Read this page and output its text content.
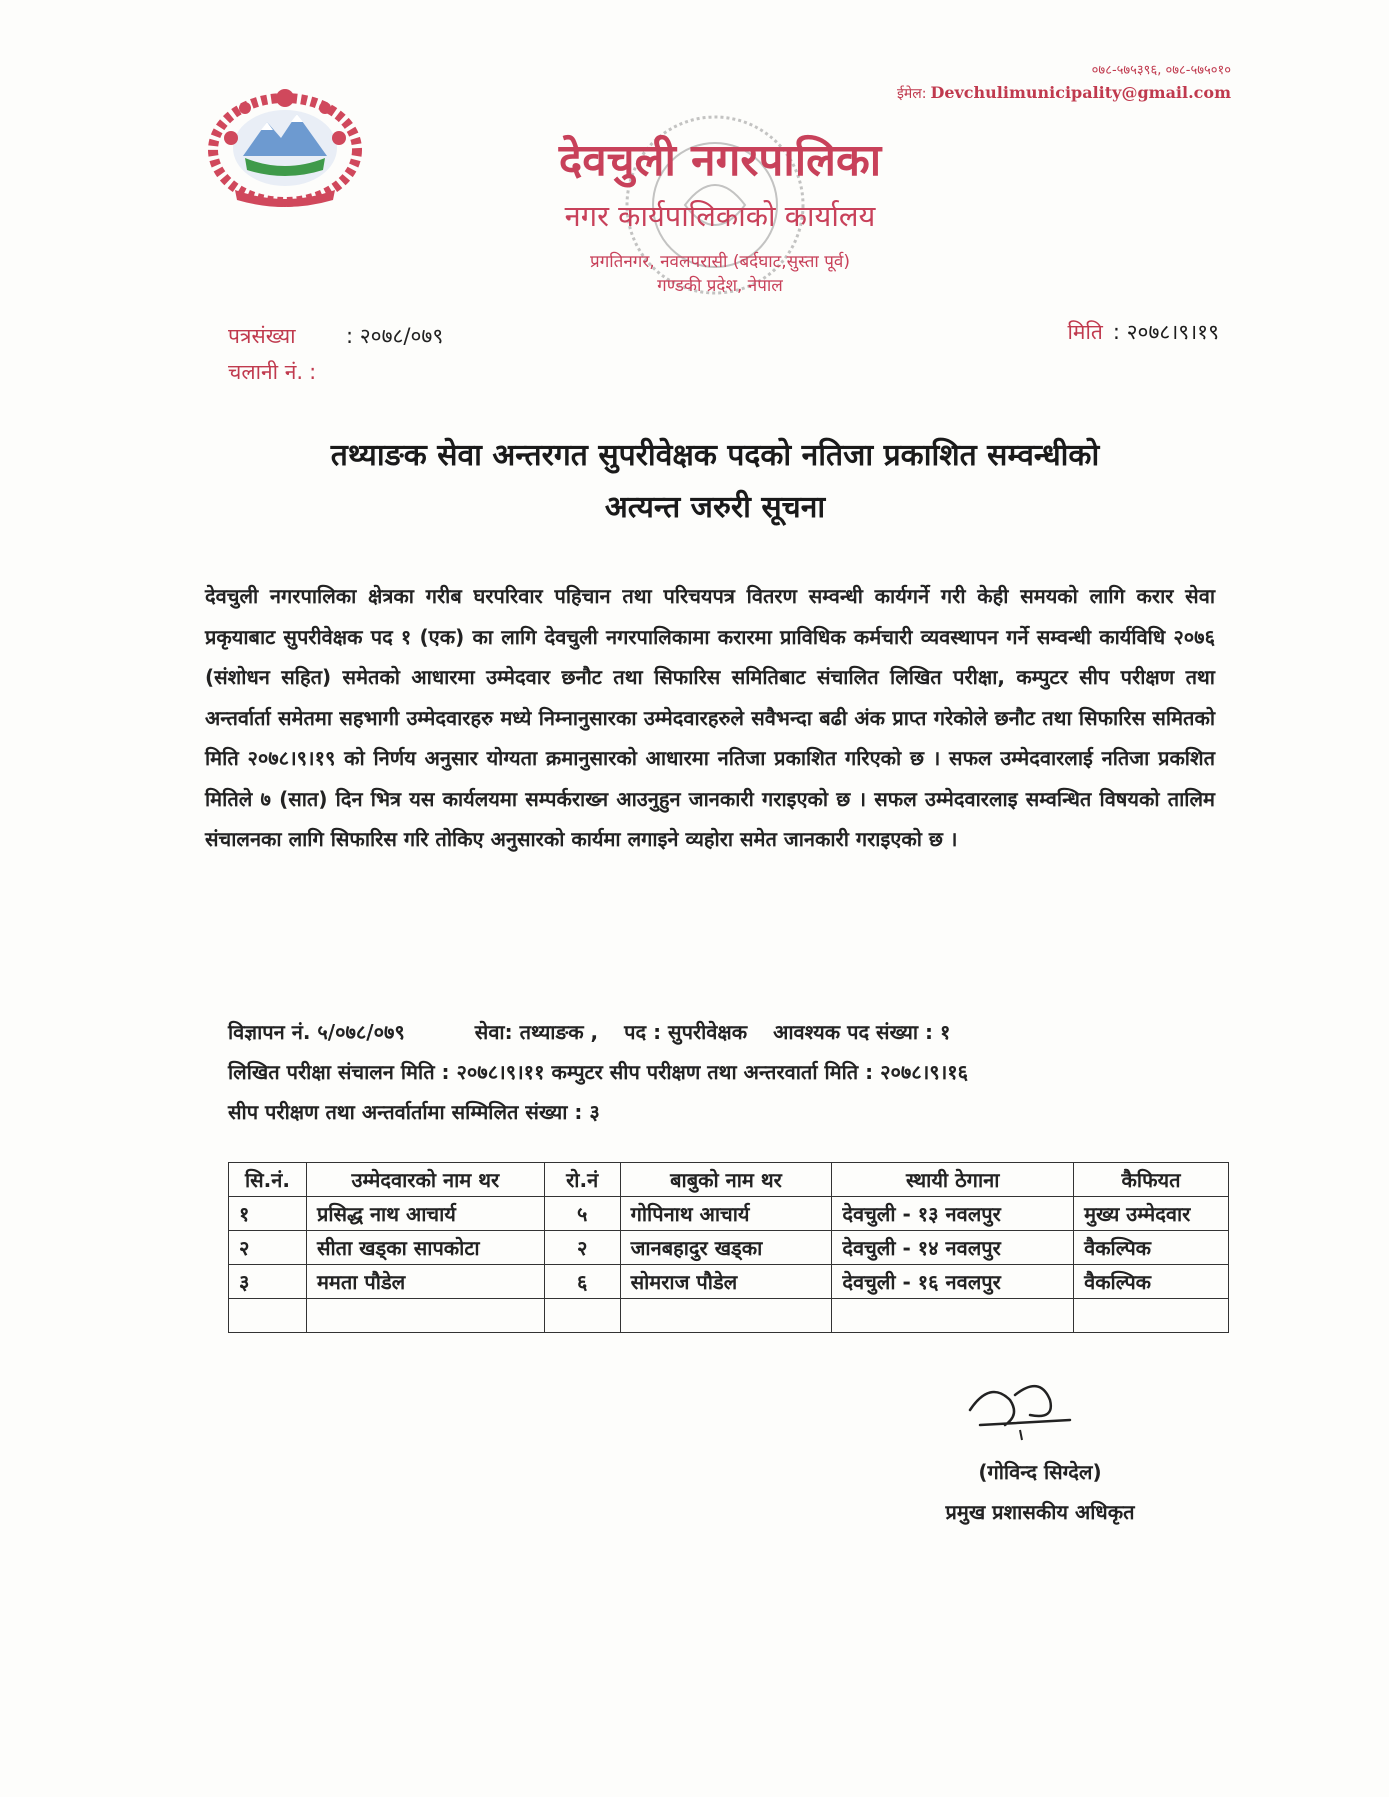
०७८-५७५३९६, ०७८-५७५०१०
ईमेल: Devchulimunicipality@gmail.com
देवचुली नगरपालिका
नगर कार्यपालिकाको कार्यालय
प्रगतिनगर, नवलपरासी (बर्दघाट,सुस्ता पूर्व)
गण्डकी प्रदेश, नेपाल
पत्रसंख्या : २०७८/०७९
चलानी नं. :
मिति : २०७८।९।१९
तथ्याङक सेवा अन्तरगत सुपरीवेक्षक पदको नतिजा प्रकाशित सम्वन्धीको
अत्यन्त जरुरी सूचना
देवचुली नगरपालिका क्षेत्रका गरीब घरपरिवार पहिचान तथा परिचयपत्र वितरण सम्वन्धी कार्यगर्ने गरी केही समयको लागि करार सेवा प्रकृयाबाट सुपरीवेक्षक पद १ (एक) का लागि देवचुली नगरपालिकामा करारमा प्राविधिक कर्मचारी व्यवस्थापन गर्ने सम्वन्धी कार्यविधि २०७६ (संशोधन सहित) समेतको आधारमा उम्मेदवार छनौट तथा सिफारिस समितिबाट संचालित लिखित परीक्षा, कम्पुटर सीप परीक्षण तथा अन्तर्वार्ता समेतमा सहभागी उम्मेदवारहरु मध्ये निम्नानुसारका उम्मेदवारहरुले सवैभन्दा बढी अंक प्राप्त गरेकोले छनौट तथा सिफारिस समितको मिति २०७८।९।१९ को निर्णय अनुसार योग्यता क्रमानुसारको आधारमा नतिजा प्रकाशित गरिएको छ । सफल उम्मेदवारलाई नतिजा प्रकशित मितिले ७ (सात) दिन भित्र यस कार्यलयमा सम्पर्कराख्न आउनुहुन जानकारी गराइएको छ । सफल उम्मेदवारलाइ सम्वन्धित विषयको तालिम संचालनका लागि सिफारिस गरि तोकिए अनुसारको कार्यमा लगाइने व्यहोरा समेत जानकारी गराइएको छ ।
विज्ञापन नं. ५/०७८/०७९	सेवा: तथ्याङक , पद : सुपरीवेक्षक आवश्यक पद संख्या : १
लिखित परीक्षा संचालन मिति : २०७८।९।११ कम्पुटर सीप परीक्षण तथा अन्तरवार्ता मिति : २०७८।९।१६
सीप परीक्षण तथा अन्तर्वार्तामा सम्मिलित संख्या : ३
सि.नं.	उम्मेदवारको नाम थर	रो.नं	बाबुको नाम थर	स्थायी ठेगाना	कैफियत
१	प्रसिद्ध नाथ आचार्य	५	गोपिनाथ आचार्य	देवचुली - १३ नवलपुर	मुख्य उम्मेदवार
२	सीता खड्का सापकोटा	२	जानबहादुर खड्का	देवचुली - १४ नवलपुर	वैकल्पिक
३	ममता पौडेल	६	सोमराज पौडेल	देवचुली - १६ नवलपुर	वैकल्पिक

(गोविन्द सिग्देल)
प्रमुख प्रशासकीय अधिकृत
